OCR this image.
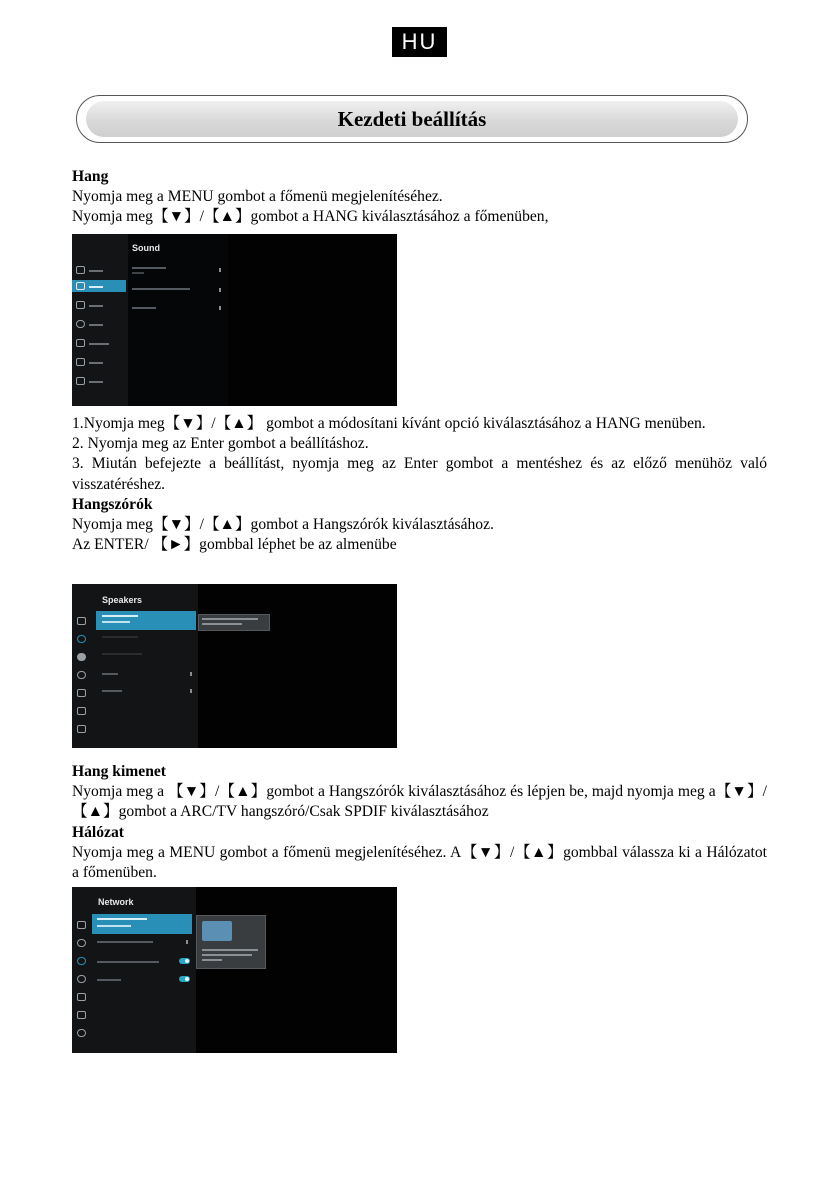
HU
Kezdeti beállítás

Hang

Nyomja meg a MENU gombot a főmenü megjelenítéséhez.

Nyomja meg【▼】/【▲】gombot a HANG kiválasztásához a főmenüben,

Sound

1.Nyomja meg【▼】/【▲】 gombot a módosítani kívánt opció kiválasztásához a HANG menüben.

2. Nyomja meg az Enter gombot a beállításhoz.

3. Miután befejezte a beállítást, nyomja meg az Enter gombot a mentéshez és az előző menühöz való visszatéréshez.

Hangszórók

Nyomja meg【▼】/【▲】gombot a Hangszórók kiválasztásához.

Az ENTER/ 【►】gombbal léphet be az almenübe

Speakers

Hang kimenet

Nyomja meg a 【▼】/【▲】gombot a Hangszórók kiválasztásához és lépjen be, majd nyomja meg a【▼】/【▲】gombot a ARC/TV hangszóró/Csak SPDIF kiválasztásához

Hálózat

Nyomja meg a MENU gombot a főmenü megjelenítéséhez. A【▼】/【▲】gombbal válassza ki a Hálózatot a főmenüben.

Network
